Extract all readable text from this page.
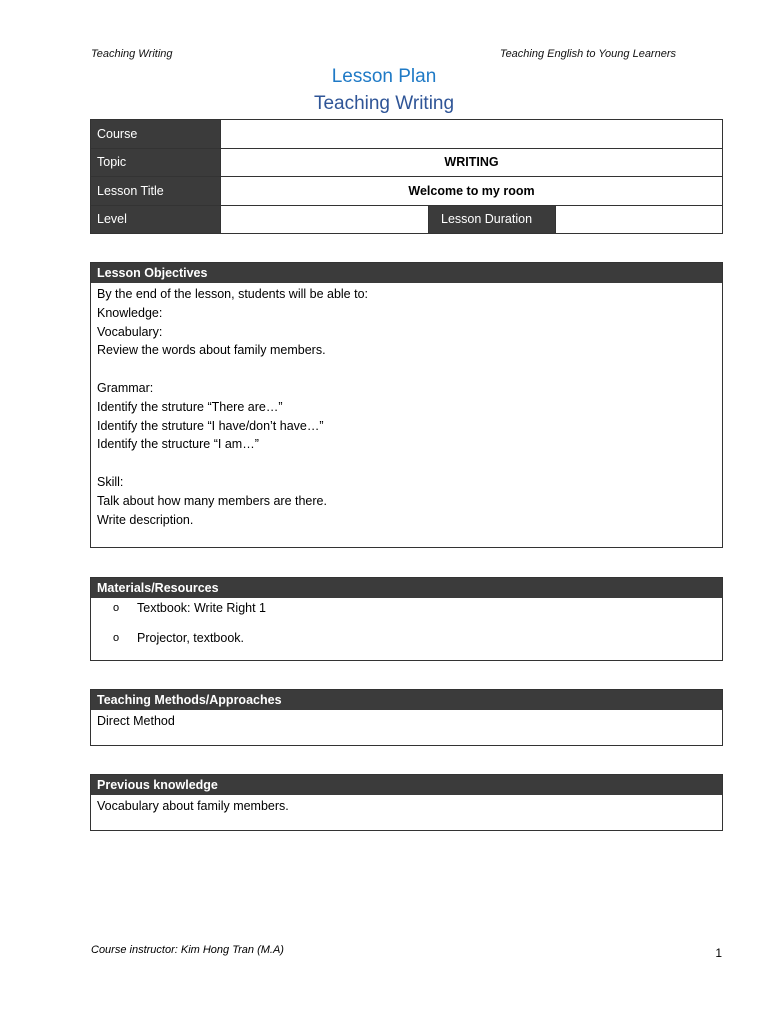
Teaching Writing	Teaching English to Young Learners
Lesson Plan
Teaching Writing
Course			
Topic	WRITING		
Lesson Title	Welcome to my room		
Level		Lesson Duration	
Lesson Objectives
By the end of the lesson, students will be able to:
Knowledge:
Vocabulary:
Review the words about family members.
Grammar:
Identify the struture “There are…”
Identify the struture “I have/don’t have…”
Identify the structure “I am…”
Skill:
Talk about how many members are there.
Write description.
Materials/Resources
o	Textbook: Write Right 1
o	Projector, textbook.
Teaching Methods/Approaches
Direct Method
Previous knowledge
Vocabulary about family members.
Course instructor: Kim Hong Tran (M.A)	1
